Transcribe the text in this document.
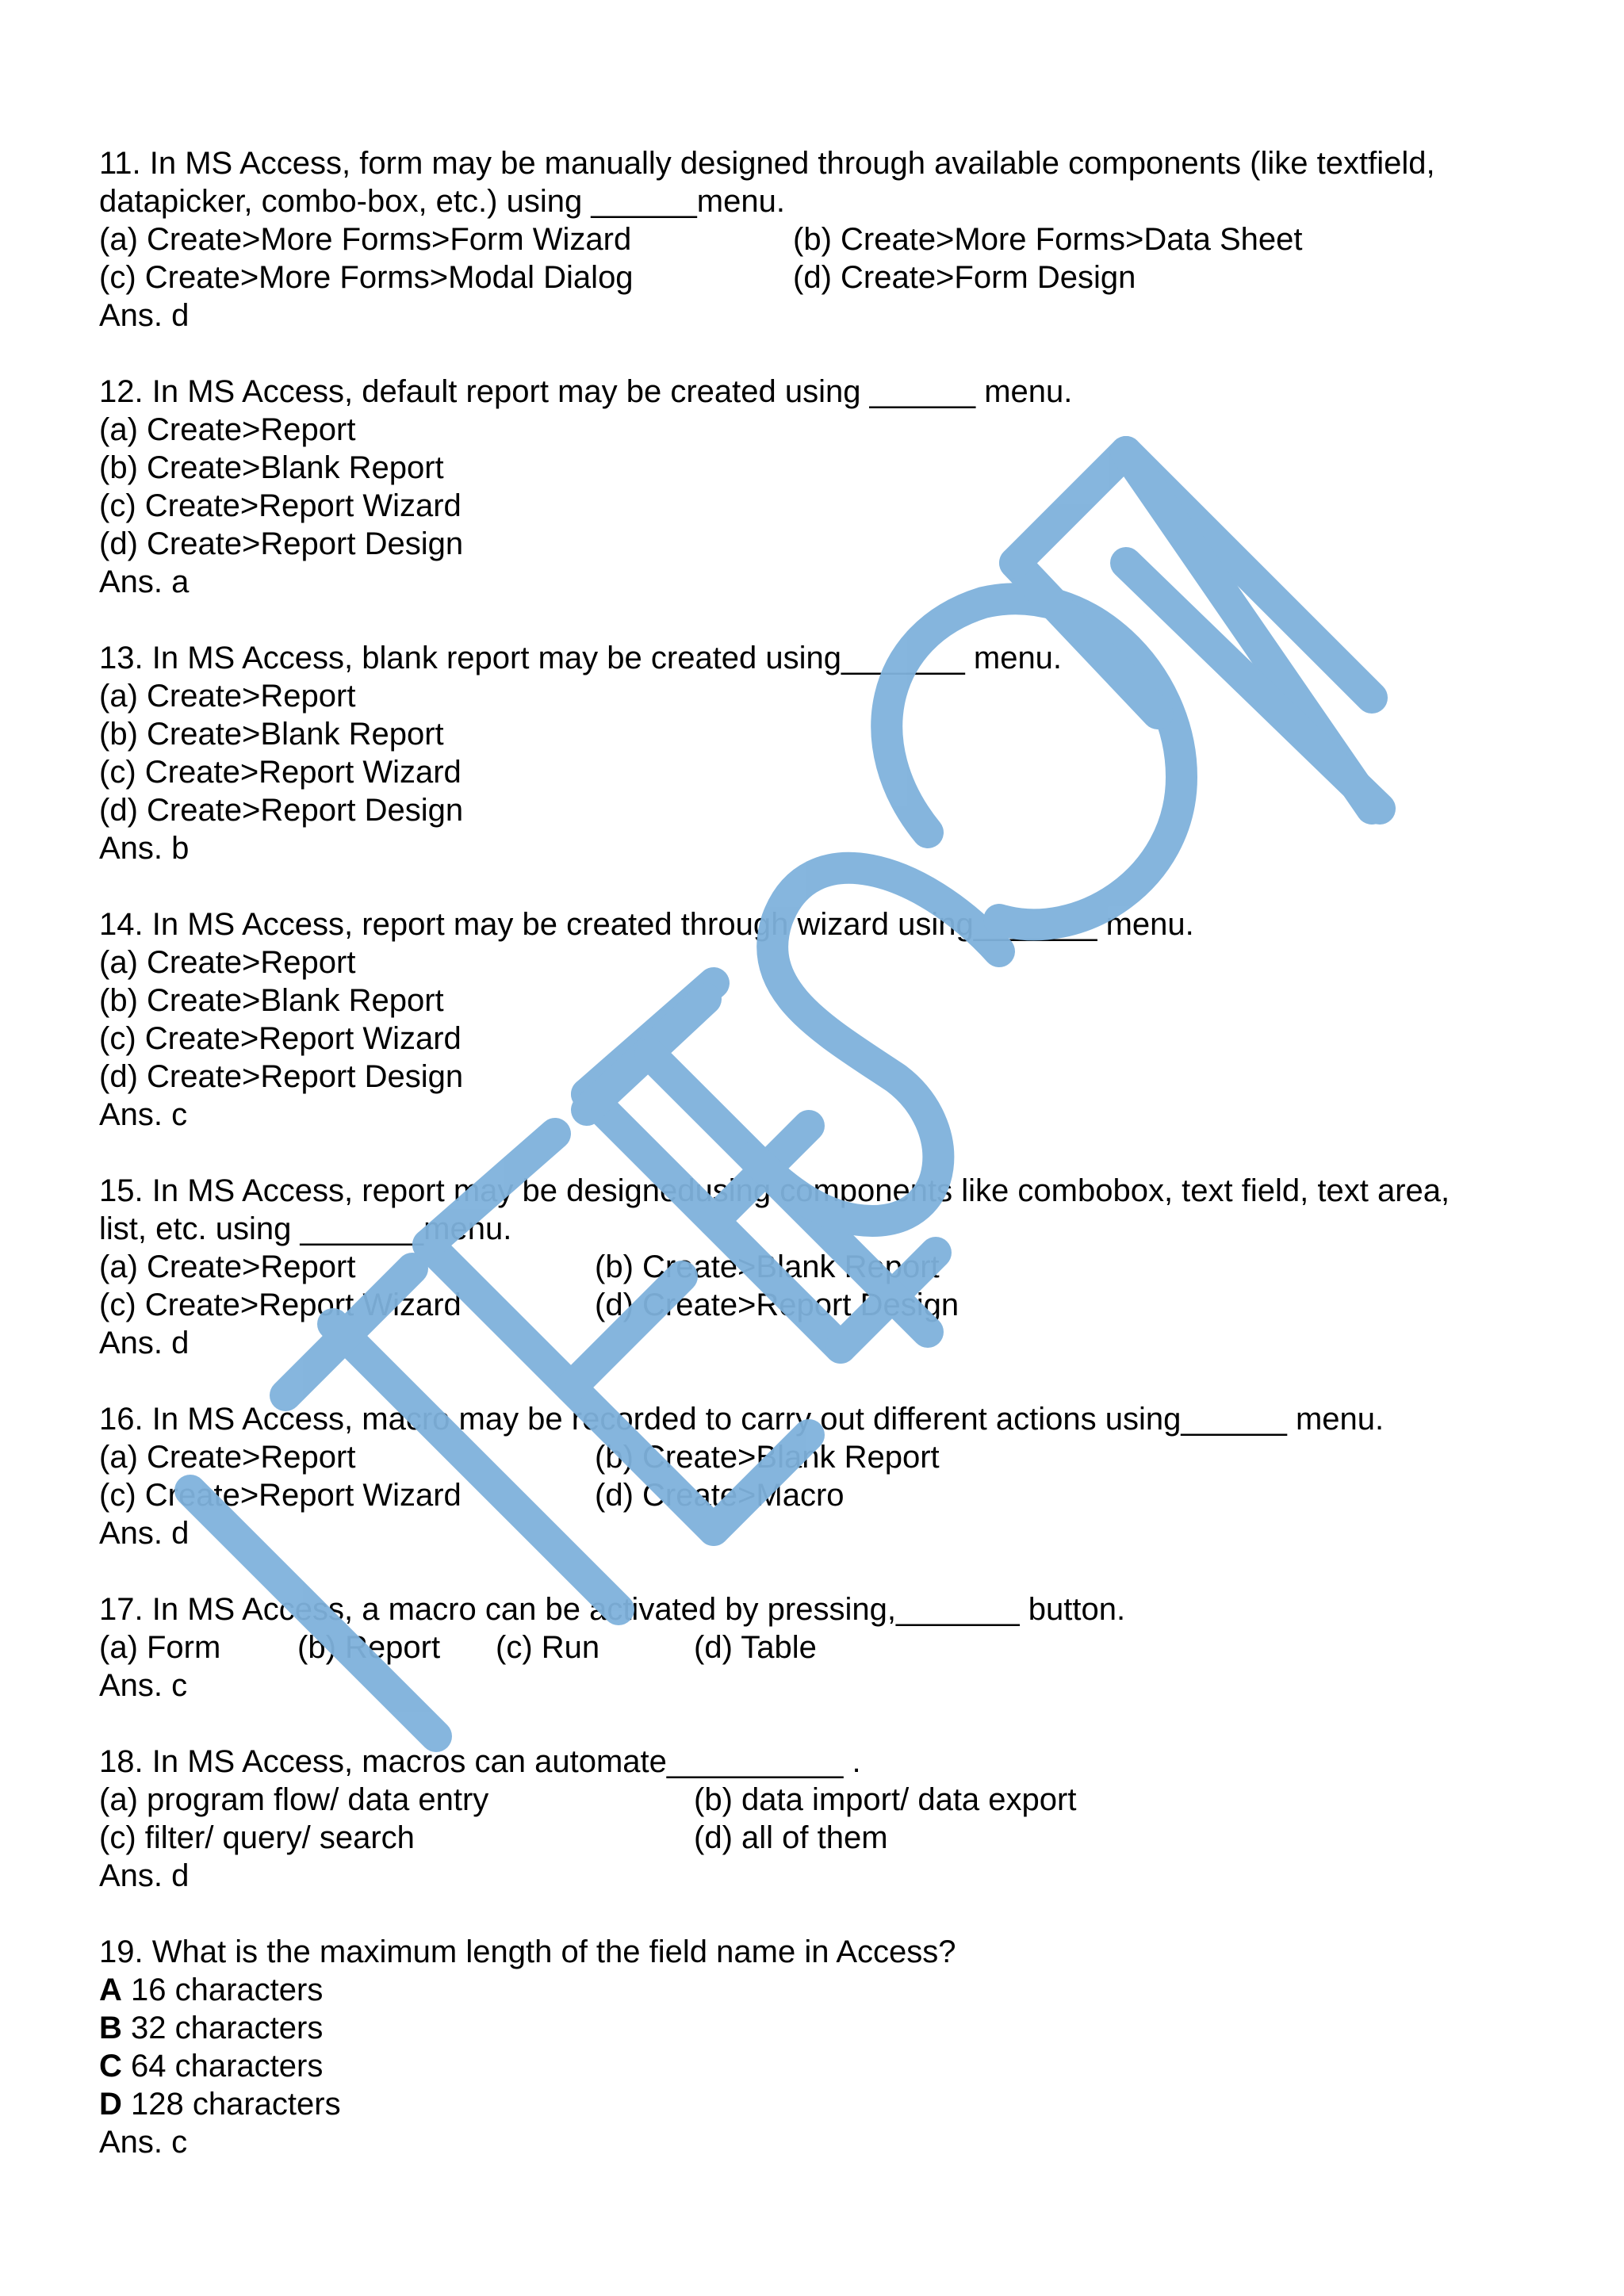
11. In MS Access, form may be manually designed through available components (like textfield,
datapicker, combo-box, etc.) using ______menu.
(a) Create>More Forms>Form Wizard	(b) Create>More Forms>Data Sheet
(c) Create>More Forms>Modal Dialog	(d) Create>Form Design
Ans. d
12. In MS Access, default report may be created using ______ menu.
(a) Create>Report
(b) Create>Blank Report
(c) Create>Report Wizard
(d) Create>Report Design
Ans. a
13. In MS Access, blank report may be created using_______ menu.
(a) Create>Report
(b) Create>Blank Report
(c) Create>Report Wizard
(d) Create>Report Design
Ans. b
14. In MS Access, report may be created through wizard using_______ menu.
(a) Create>Report
(b) Create>Blank Report
(c) Create>Report Wizard
(d) Create>Report Design
Ans. c
15. In MS Access, report may be designedusing components like combobox, text field, text area,
list, etc. using _______menu.
(a) Create>Report	(b) Create>Blank Report
(c) Create>Report Wizard	(d) Create>Report Design
Ans. d
16. In MS Access, macro may be recorded to carry out different actions using______ menu.
(a) Create>Report	(b) Create>Blank Report
(c) Create>Report Wizard	(d) Create>Macro
Ans. d
17. In MS Access, a macro can be activated by pressing,_______ button.
(a) Form (b) Report (c) Run	(d) Table
Ans. c
18. In MS Access, macros can automate__________ .
(a) program flow/ data entry	(b) data import/ data export
(c) filter/ query/ search	(d) all of them
Ans. d
19. What is the maximum length of the field name in Access?
A 16 characters
B 32 characters
C 64 characters
D 128 characters
Ans. c
